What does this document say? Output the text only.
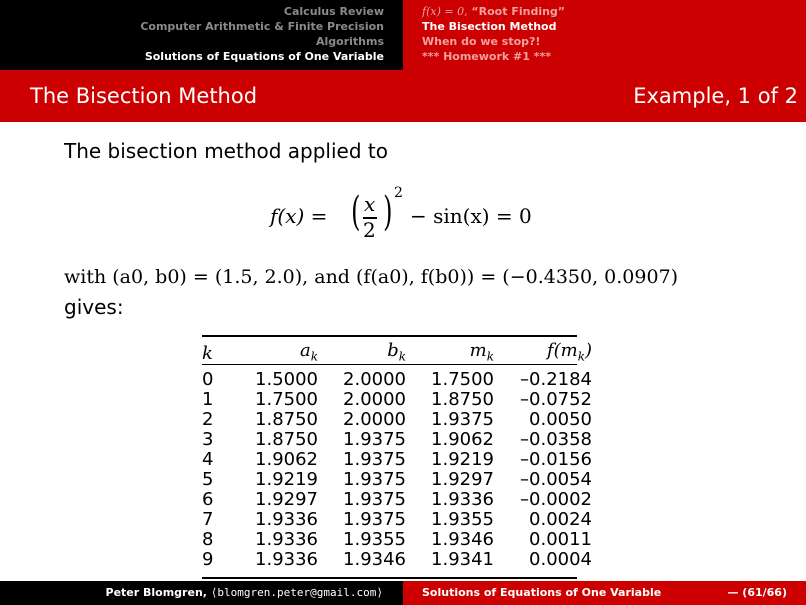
Calculus Review
Computer Arithmetic & Finite Precision
Algorithms
Solutions of Equations of One Variable
f(x) = 0, “Root Finding”
The Bisection Method
When do we stop?!
*** Homework #1 ***
The Bisection Method	Example, 1 of 2
The bisection method applied to
f(x) = ( x
2 ) 2
− sin(x) = 0
with (a0, b0) = (1.5, 2.0), and (f(a0), f(b0)) = (−0.4350, 0.0907)
gives:
k	$a_k$	$b_k$	$m_k$	$f(m_k)$
0	1.5000	2.0000	1.7500	–0.2184
1	1.7500	2.0000	1.8750	–0.0752
2	1.8750	2.0000	1.9375	0.0050
3	1.8750	1.9375	1.9062	–0.0358
4	1.9062	1.9375	1.9219	–0.0156
5	1.9219	1.9375	1.9297	–0.0054
6	1.9297	1.9375	1.9336	–0.0002
7	1.9336	1.9375	1.9355	0.0024
8	1.9336	1.9355	1.9346	0.0011
9	1.9336	1.9346	1.9341	0.0004
Peter Blomgren, ⟨blomgren.peter@gmail.com⟩	Solutions of Equations of One Variable	— (61/66)
